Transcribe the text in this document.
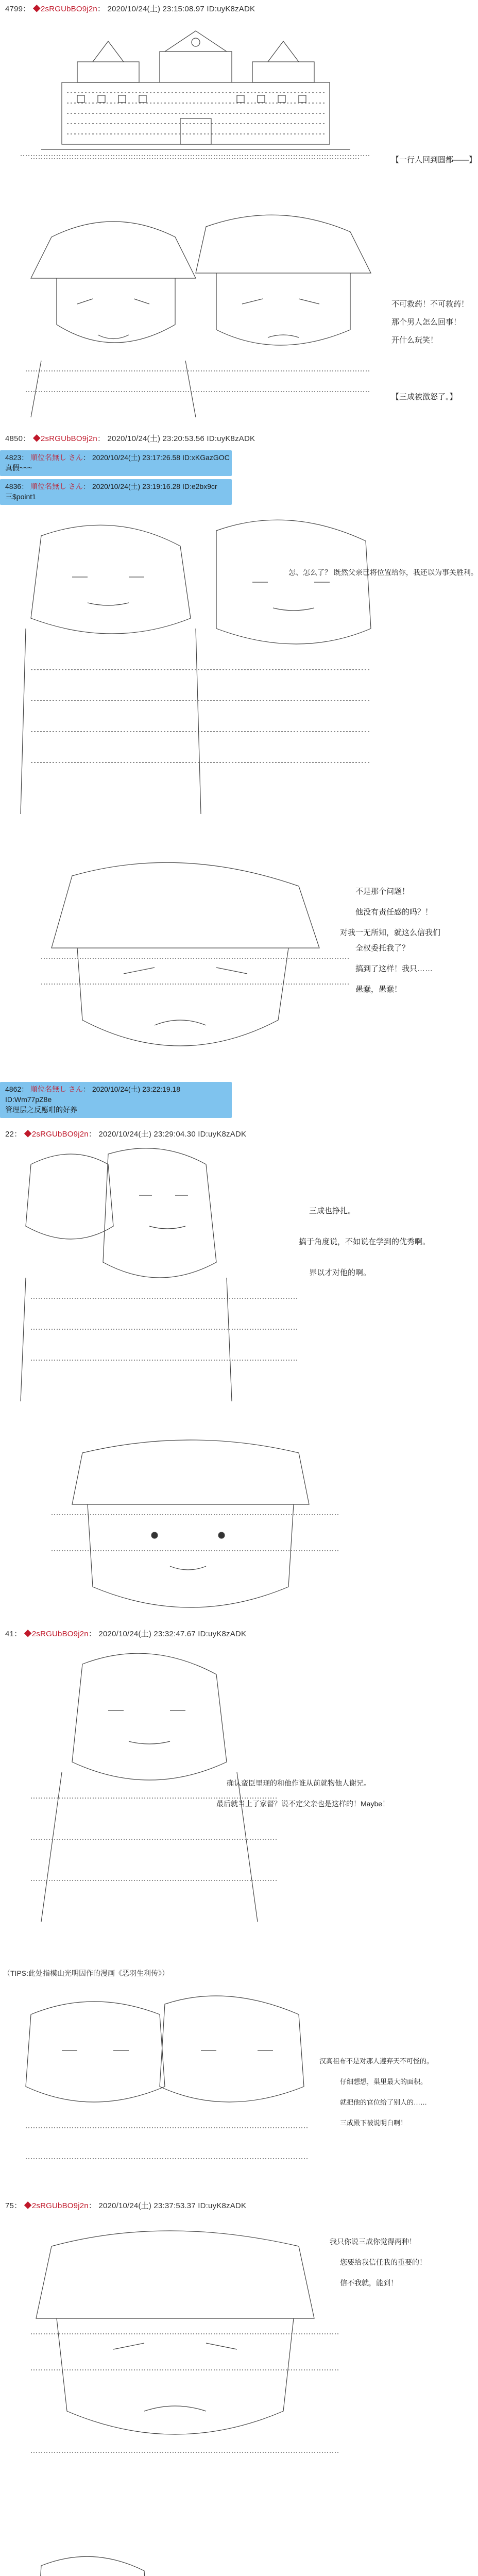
4799： ◆2sRGUbBO9j2n： 2020/10/24(土) 23:15:08.97 ID:uyK8zADK
【一行人回到圓都——】
不可救药！不可救药！
那个男人怎么回事！
开什么玩笑！
【三成被激怒了。】
4850： ◆2sRGUbBO9j2n： 2020/10/24(土) 23:20:53.56 ID:uyK8zADK
4823： 順位名無し さん： 2020/10/24(土) 23:17:26.58 ID:xKGazGOC
真假~~~
4836： 順位名無し さん： 2020/10/24(土) 23:19:16.28 ID:e2bx9cr
三$point1
怎、怎么了？ 既然父亲已将位置给你，我还以为事关胜利。
不是那个问题！
他没有责任感的吗？！
对我一无所知，就这么信我们
全权委托我了？
搞到了这样！我只……
愚蠢，愚蠢！
4862： 順位名無し さん： 2020/10/24(土) 23:22:19.18
ID:Wm77pZ8e
管理层之反應咁的好养
22： ◆2sRGUbBO9j2n： 2020/10/24(土) 23:29:04.30 ID:uyK8zADK
三成也挣扎。
搞于角度说，不如说在学到的优秀啊。
界以才对他的啊。
41： ◆2sRGUbBO9j2n： 2020/10/24(土) 23:32:47.67 ID:uyK8zADK
确认蛮臣里现的和他作谁从前就物他人谢兄。
最后就当上了家督？说不定父亲也是这样的！Maybe！
（TIPS:此处指模山光明因作的漫画《恶羽生利传》）
汉高祖布不是对那人遵弃天不可怪的。
仔细想想，巢里最大的面积。
就把他的官位给了别人的……
三成殿下被说明白啊！
75： ◆2sRGUbBO9j2n： 2020/10/24(土) 23:37:53.37 ID:uyK8zADK
我只你说三成你觉得两种！
您要给我信任我的重要的！
信不我就，能到！
